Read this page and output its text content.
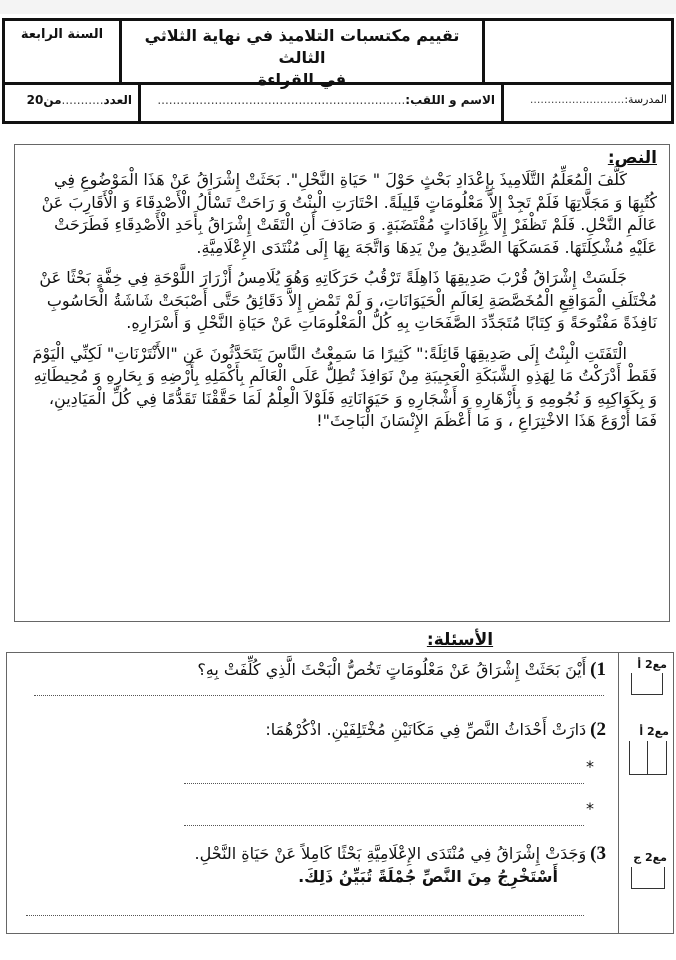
السنة الرابعة	تقييم مكتسبات التلاميذ في نهاية الثلاثي الثالث
في القراءة
العدد...........من20	الاسم و اللقب:.................................................................	المدرسة:...........................
النص:

كَلَّفَ الْمُعَلِّمُ التَّلَامِيذَ بِإِعْدَادِ بَحْثٍ حَوْلَ " حَيَاةِ النَّحْلِ". بَحَثَتْ إِشْرَاقُ عَنْ هَذَا الْمَوْضُوعِ فِي كُتُبِهَا وَ مَجَلَّاتِهَا فَلَمْ تَجِدْ إِلاَّ مَعْلُومَاتٍ قَلِيلَةً. احْتَارَتِ الْبِنْتُ وَ رَاحَتْ تَسْأَلُ الْأَصْدِقَاءَ وَ الْأَقَارِبَ عَنْ عَالَمِ النَّحْلِ. فَلَمْ تَظْفَرْ إِلاَّ بِإِفَادَاتٍ مُقْتَضَبَةٍ. وَ صَادَفَ أَنِ الْتَقَتْ إِشْرَاقُ بِأَحَدِ الْأَصْدِقَاءِ فَطَرَحَتْ عَلَيْهِ مُشْكِلَتَهَا. فَمَسَكَهَا الصَّدِيقُ مِنْ يَدِهَا وَاتَّجَهَ بِهَا إِلَى مُنْتَدَى الإِعْلَامِيَّةِ.

جَلَسَتْ إِشْرَاقُ قُرْبَ صَدِيقِهَا ذَاهِلَةً تَرْقُبُ حَرَكَاتِهِ وَهُوَ يُلَامِسُ أَزْرَارَ اللَّوْحَةِ فِي خِفَّةٍ بَحْثًا عَنْ مُخْتَلَفِ الْمَوَاقِعِ الْمُخَصَّصَةِ لِعَالَمِ الْحَيَوَانَاتِ، وَ لَمْ تَمْضِ إِلاَّ دَقَائِقُ حَتَّى أَصْبَحَتْ شَاشَةُ الْحَاسُوبِ نَافِذَةً مَفْتُوحَةً وَ كِتَابًا مُتَجَدِّدَ الصَّفَحَاتِ بِهِ كُلُّ الْمَعْلُومَاتِ عَنْ حَيَاةِ النَّحْلِ وَ أَسْرَارِهِ.

الْتَفَتَتِ الْبِنْتُ إِلَى صَدِيقِهَا قَائِلَةً:" كَثِيرًا مَا سَمِعْتُ النَّاسَ يَتَحَدَّثُونَ عَنِ "الأَنْتَرْنَاتِ" لَكِنِّي الْيَوْمَ فَقَطْ أَدْرَكْتُ مَا لِهَذِهِ الشَّبَكَةِ الْعَجِيبَةِ مِنْ نَوَافِذَ تُطِلُّ عَلَى الْعَالَمِ بِأَكْمَلِهِ بِأَرْضِهِ وَ بِحَارِهِ وَ مُحِيطَاتِهِ وَ بِكَوَاكِبِهِ وَ نُجُومِهِ وَ بِأَزْهَارِهِ وَ أَشْجَارِهِ وَ حَيَوَانَاتِهِ فَلَوْلاَ الْعِلْمُ لَمَا حَقَّقْنَا تَقَدُّمًا فِي كُلِّ الْمَيَادِينِ، فَمَا أَرْوَعَ هَذَا الاخْتِرَاعِ ، وَ مَا أَعْظَمَ الإِنْسَانَ الْبَاحِثَ"!

الأسئلة:
1)أَيْنَ بَحَثَتْ إِشْرَاقُ عَنْ مَعْلُومَاتٍ تَخُصُّ الْبَحْثَ الَّذِي كُلِّفَتْ بِهِ؟
2)دَارَتْ أَحْدَاثُ النَّصِّ فِي مَكَانَيْنِ مُخْتَلِفَيْنِ. اذْكُرْهُمَا:
*
*
3)وَجَدَتْ إِشْرَاقُ فِي مُنْتَدَى الإِعْلَامِيَّةِ بَحْثًا كَامِلاً عَنْ حَيَاةِ النَّحْلِ.
أَسْتَخْرِجُ مِنَ النَّصِّ جُمْلَةً تُبَيِّنُ ذَلِكَ.
مع2 أ
مع2 أ
مع2 ج
